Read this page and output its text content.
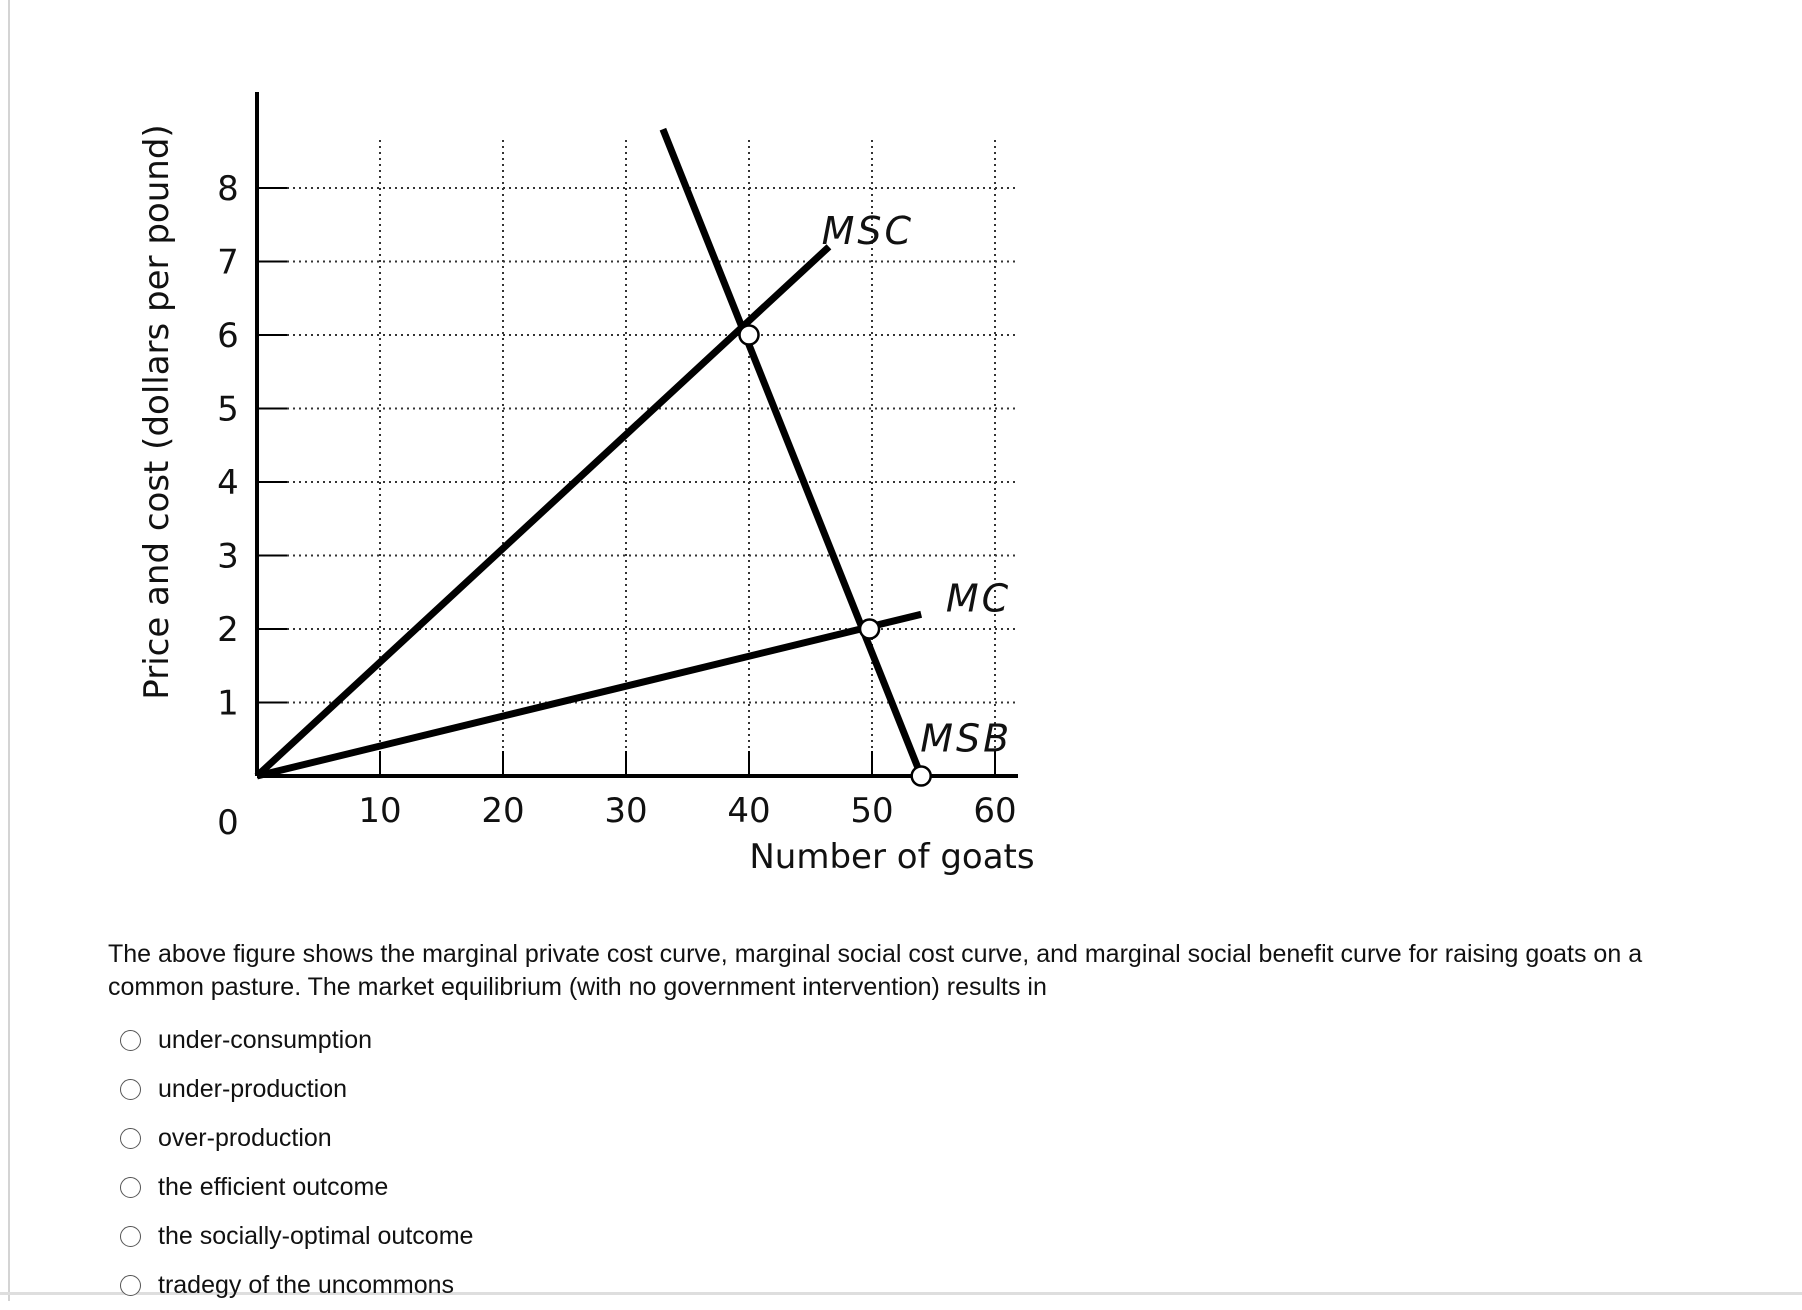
1
2
3
4
5
6
7
8
10 20 30 40 50 60
0
Number of goats
Price and cost (dollars per pound)	MSC
MC
MSB
The above figure shows the marginal private cost curve, marginal social cost curve, and marginal social benefit curve for raising goats on a common pasture. The market equilibrium (with no government intervention) results in
under-consumption
under-production
over-production
the efficient outcome
the socially-optimal outcome
tradegy of the uncommons
